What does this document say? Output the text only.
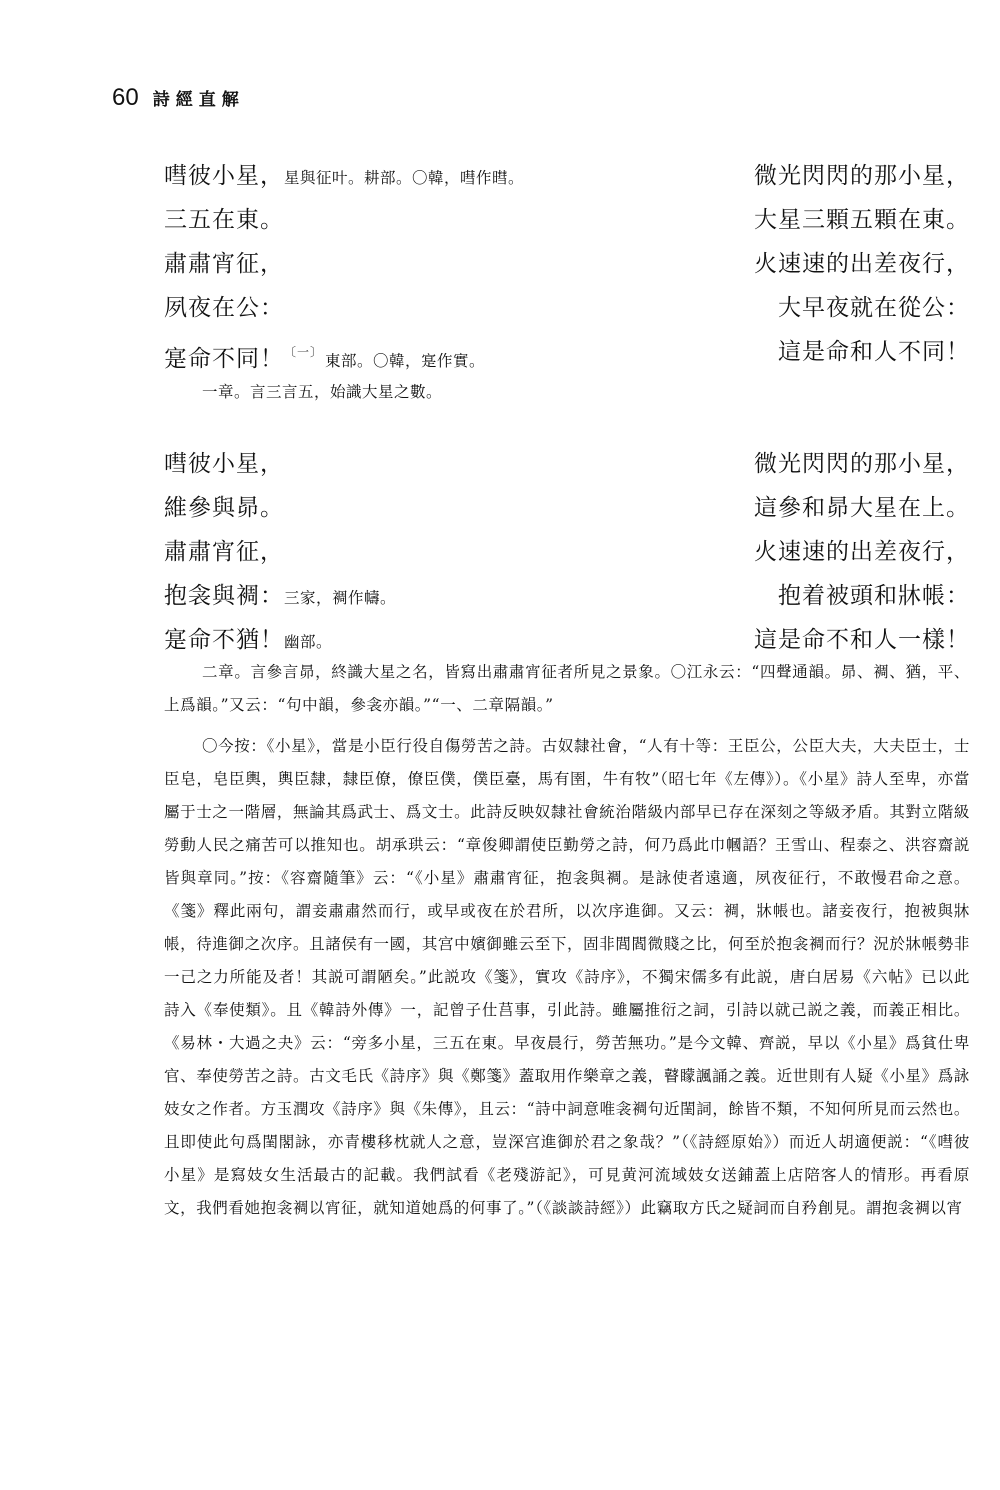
60 詩經直解
嘒彼小星，星與征叶。耕部。〇韓，嘒作暳。	微光閃閃的那小星，
三五在東。	大星三顆五顆在東。
肅肅宵征，	火速速的出差夜行，
夙夜在公：	大早夜就在從公：
寔命不同！$^{〔一〕}$ 東部。〇韓，寔作實。	這是命和人不同！
一章。言三言五，始識大星之數。
嘒彼小星，	微光閃閃的那小星，
維參與昴。	這參和昴大星在上。
肅肅宵征，	火速速的出差夜行，
抱衾與裯：三家，裯作幬。	抱着被頭和牀帳：
寔命不猶！幽部。	這是命不和人一樣！
二章。言參言昴，終識大星之名，皆寫出肅肅宵征者所見之景象。〇江永云：“四聲通韻。昴、裯、猶，平、上爲韻。”又云：“句中韻，參衾亦韻。”“一、二章隔韻。”
〇今按：《小星》，當是小臣行役自傷勞苦之詩。古奴隸社會，“人有十等：王臣公，公臣大夫，大夫臣士，士臣皂，皂臣輿，輿臣隸，隸臣僚，僚臣僕，僕臣臺，馬有圉，牛有牧”（昭七年《左傳》）。《小星》詩人至卑，亦當屬于士之一階層，無論其爲武士、爲文士。此詩反映奴隸社會統治階級内部早已存在深刻之等級矛盾。其對立階級勞動人民之痛苦可以推知也。胡承珙云：“章俊卿謂使臣勤勞之詩，何乃爲此巾幗語？王雪山、程泰之、洪容齋説皆與章同。”按：《容齋隨筆》云：“《小星》肅肅宵征，抱衾與裯。是詠使者遠適，夙夜征行，不敢慢君命之意。《箋》釋此兩句，謂妾肅肅然而行，或早或夜在於君所，以次序進御。又云：裯，牀帳也。諸妾夜行，抱被與牀帳，待進御之次序。且諸侯有一國，其宫中嬪御雖云至下，固非閭閻微賤之比，何至於抱衾裯而行？況於牀帳勢非一己之力所能及者！其説可謂陋矣。”此説攻《箋》，實攻《詩序》，不獨宋儒多有此説，唐白居易《六帖》已以此詩入《奉使類》。且《韓詩外傳》一，記曾子仕莒事，引此詩。雖屬推衍之詞，引詩以就己説之義，而義正相比。《易林・大過之夬》云：“旁多小星，三五在東。早夜晨行，勞苦無功。”是今文韓、齊説，早以《小星》爲貧仕卑官、奉使勞苦之詩。古文毛氏《詩序》與《鄭箋》蓋取用作樂章之義，瞽矇諷誦之義。近世則有人疑《小星》爲詠妓女之作者。方玉潤攻《詩序》與《朱傳》，且云：“詩中詞意唯衾裯句近閨詞，餘皆不類，不知何所見而云然也。且即使此句爲閨閣詠，亦青樓移枕就人之意，豈深宫進御於君之象哉？”（《詩經原始》）而近人胡適便説：“《嘒彼小星》是寫妓女生活最古的記載。我們試看《老殘游記》，可見黄河流域妓女送鋪蓋上店陪客人的情形。再看原文，我們看她抱衾裯以宵征，就知道她爲的何事了。”（《談談詩經》）此竊取方氏之疑詞而自矜創見。謂抱衾裯以宵
